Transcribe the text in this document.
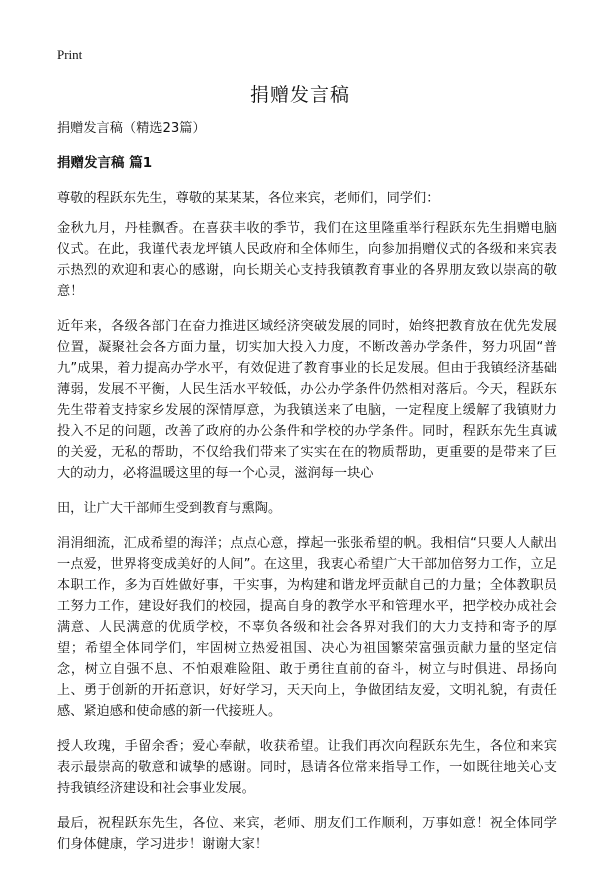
Print
捐赠发言稿

捐赠发言稿（精选23篇）

捐赠发言稿 篇1

尊敬的程跃东先生，尊敬的某某某，各位来宾，老师们，同学们：

金秋九月，丹桂飘香。在喜获丰收的季节，我们在这里隆重举行程跃东先生捐赠电脑仪式。在此，我谨代表龙坪镇人民政府和全体师生，向参加捐赠仪式的各级和来宾表示热烈的欢迎和衷心的感谢，向长期关心支持我镇教育事业的各界朋友致以崇高的敬意！

近年来，各级各部门在奋力推进区域经济突破发展的同时，始终把教育放在优先发展位置，凝聚社会各方面力量，切实加大投入力度，不断改善办学条件，努力巩固“普九”成果，着力提高办学水平，有效促进了教育事业的长足发展。但由于我镇经济基础薄弱，发展不平衡，人民生活水平较低，办公办学条件仍然相对落后。今天，程跃东先生带着支持家乡发展的深情厚意，为我镇送来了电脑，一定程度上缓解了我镇财力投入不足的问题，改善了政府的办公条件和学校的办学条件。同时，程跃东先生真诚的关爱，无私的帮助，不仅给我们带来了实实在在的物质帮助，更重要的是带来了巨大的动力，必将温暖这里的每一个心灵，滋润每一块心

田，让广大干部师生受到教育与熏陶。

涓涓细流，汇成希望的海洋；点点心意，撑起一张张希望的帆。我相信“只要人人献出一点爱，世界将变成美好的人间”。在这里，我衷心希望广大干部加倍努力工作，立足本职工作，多为百姓做好事，干实事，为构建和谐龙坪贡献自己的力量；全体教职员工努力工作，建设好我们的校园，提高自身的教学水平和管理水平，把学校办成社会满意、人民满意的优质学校，不辜负各级和社会各界对我们的大力支持和寄予的厚望；希望全体同学们，牢固树立热爱祖国、决心为祖国繁荣富强贡献力量的坚定信念，树立自强不息、不怕艰难险阻、敢于勇往直前的奋斗，树立与时俱进、昂扬向上、勇于创新的开拓意识，好好学习，天天向上，争做团结友爱，文明礼貌，有责任感、紧迫感和使命感的新一代接班人。

授人玫瑰，手留余香；爱心奉献，收获希望。让我们再次向程跃东先生，各位和来宾表示最崇高的敬意和诚挚的感谢。同时，恳请各位常来指导工作，一如既往地关心支持我镇经济建设和社会事业发展。

最后，祝程跃东先生，各位、来宾，老师、朋友们工作顺利，万事如意！祝全体同学们身体健康，学习进步！谢谢大家！
